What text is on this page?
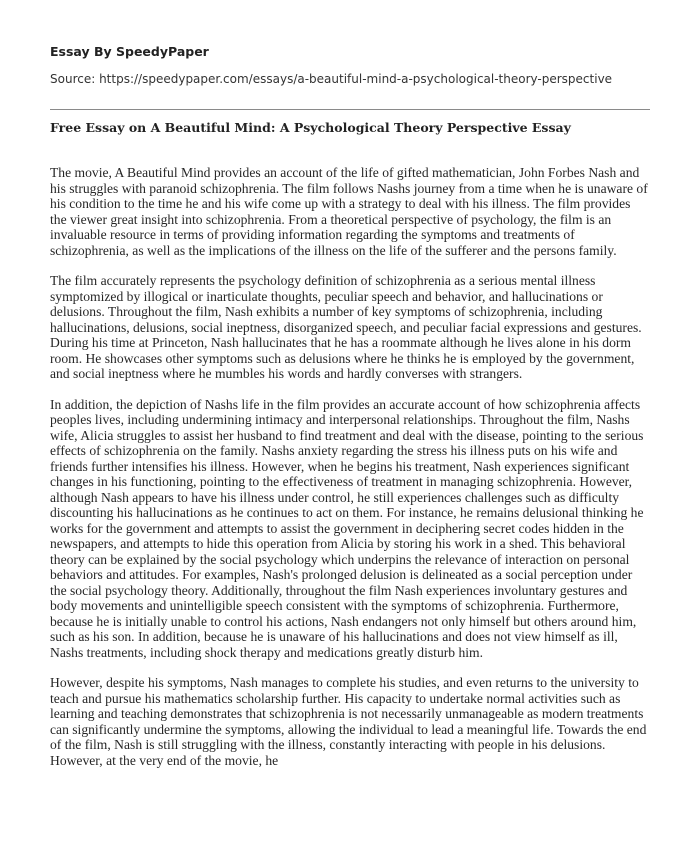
Essay By SpeedyPaper

Source: https://speedypaper.com/essays/a-beautiful-mind-a-psychological-theory-perspective

Free Essay on A Beautiful Mind: A Psychological Theory Perspective Essay

The movie, A Beautiful Mind provides an account of the life of gifted mathematician, John Forbes Nash and his struggles with paranoid schizophrenia. The film follows Nashs journey from a time when he is unaware of his condition to the time he and his wife come up with a strategy to deal with his illness. The film provides the viewer great insight into schizophrenia. From a theoretical perspective of psychology, the film is an invaluable resource in terms of providing information regarding the symptoms and treatments of schizophrenia, as well as the implications of the illness on the life of the sufferer and the persons family.

The film accurately represents the psychology definition of schizophrenia as a serious mental illness symptomized by illogical or inarticulate thoughts, peculiar speech and behavior, and hallucinations or delusions. Throughout the film, Nash exhibits a number of key symptoms of schizophrenia, including hallucinations, delusions, social ineptness, disorganized speech, and peculiar facial expressions and gestures. During his time at Princeton, Nash hallucinates that he has a roommate although he lives alone in his dorm room. He showcases other symptoms such as delusions where he thinks he is employed by the government, and social ineptness where he mumbles his words and hardly converses with strangers.

In addition, the depiction of Nashs life in the film provides an accurate account of how schizophrenia affects peoples lives, including undermining intimacy and interpersonal relationships. Throughout the film, Nashs wife, Alicia struggles to assist her husband to find treatment and deal with the disease, pointing to the serious effects of schizophrenia on the family. Nashs anxiety regarding the stress his illness puts on his wife and friends further intensifies his illness. However, when he begins his treatment, Nash experiences significant changes in his functioning, pointing to the effectiveness of treatment in managing schizophrenia. However, although Nash appears to have his illness under control, he still experiences challenges such as difficulty discounting his hallucinations as he continues to act on them. For instance, he remains delusional thinking he works for the government and attempts to assist the government in deciphering secret codes hidden in the newspapers, and attempts to hide this operation from Alicia by storing his work in a shed. This behavioral theory can be explained by the social psychology which underpins the relevance of interaction on personal behaviors and attitudes. For examples, Nash's prolonged delusion is delineated as a social perception under the social psychology theory. Additionally, throughout the film Nash experiences involuntary gestures and body movements and unintelligible speech consistent with the symptoms of schizophrenia. Furthermore, because he is initially unable to control his actions, Nash endangers not only himself but others around him, such as his son. In addition, because he is unaware of his hallucinations and does not view himself as ill, Nashs treatments, including shock therapy and medications greatly disturb him.

However, despite his symptoms, Nash manages to complete his studies, and even returns to the university to teach and pursue his mathematics scholarship further. His capacity to undertake normal activities such as learning and teaching demonstrates that schizophrenia is not necessarily unmanageable as modern treatments can significantly undermine the symptoms, allowing the individual to lead a meaningful life. Towards the end of the film, Nash is still struggling with the illness, constantly interacting with people in his delusions. However, at the very end of the movie, he
